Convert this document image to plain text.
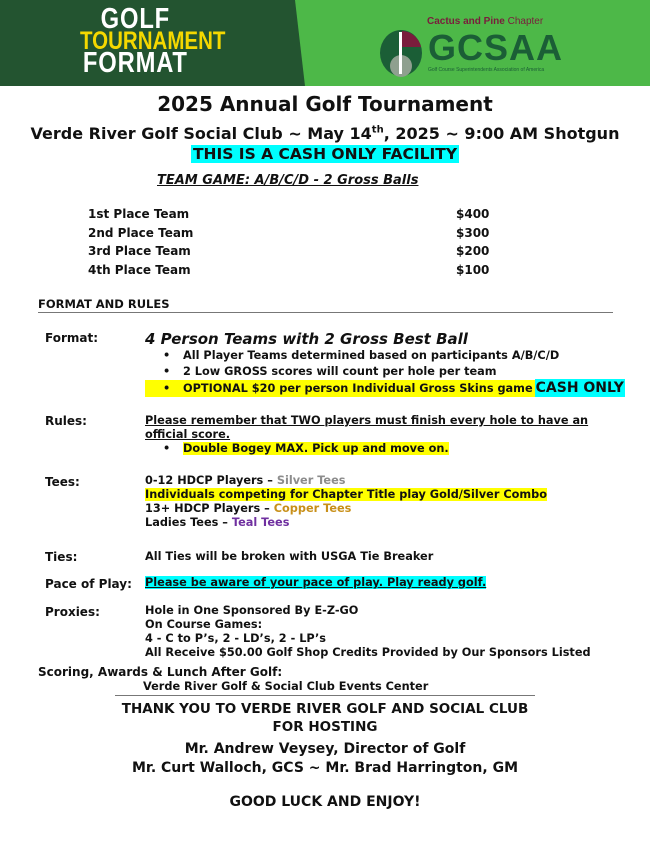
GOLF
TOURNAMENT
FORMAT
Cactus and Pine Chapter
GCSAA
Golf Course Superintendents Association of America
2025 Annual Golf Tournament
Verde River Golf Social Club ~ May 14th, 2025 ~ 9:00 AM Shotgun
THIS IS A CASH ONLY FACILITY
TEAM GAME: A/B/C/D - 2 Gross Balls
1st Place Team	$400
2nd Place Team	$300
3rd Place Team	$200
4th Place Team	$100
FORMAT AND RULES
Format:	4 Person Teams with 2 Gross Best Ball
• All Player Teams determined based on participants A/B/C/D
• 2 Low GROSS scores will count per hole per team
• OPTIONAL $20 per person Individual Gross Skins game CASH ONLY
Rules:	Please remember that TWO players must finish every hole to have an official score.
• Double Bogey MAX. Pick up and move on.
Tees:	0-12 HDCP Players – Silver Tees
Individuals competing for Chapter Title play Gold/Silver Combo
13+ HDCP Players – Copper Tees
Ladies Tees – Teal Tees
Ties:	All Ties will be broken with USGA Tie Breaker
Pace of Play: Please be aware of your pace of play. Play ready golf.
Proxies:	Hole in One Sponsored By E-Z-GO
On Course Games:
4 - C to P’s, 2 - LD’s, 2 - LP’s
All Receive $50.00 Golf Shop Credits Provided by Our Sponsors Listed
Scoring, Awards & Lunch After Golf:
Verde River Golf & Social Club Events Center
THANK YOU TO VERDE RIVER GOLF AND SOCIAL CLUB
FOR HOSTING
Mr. Andrew Veysey, Director of Golf
Mr. Curt Walloch, GCS ~ Mr. Brad Harrington, GM
GOOD LUCK AND ENJOY!
